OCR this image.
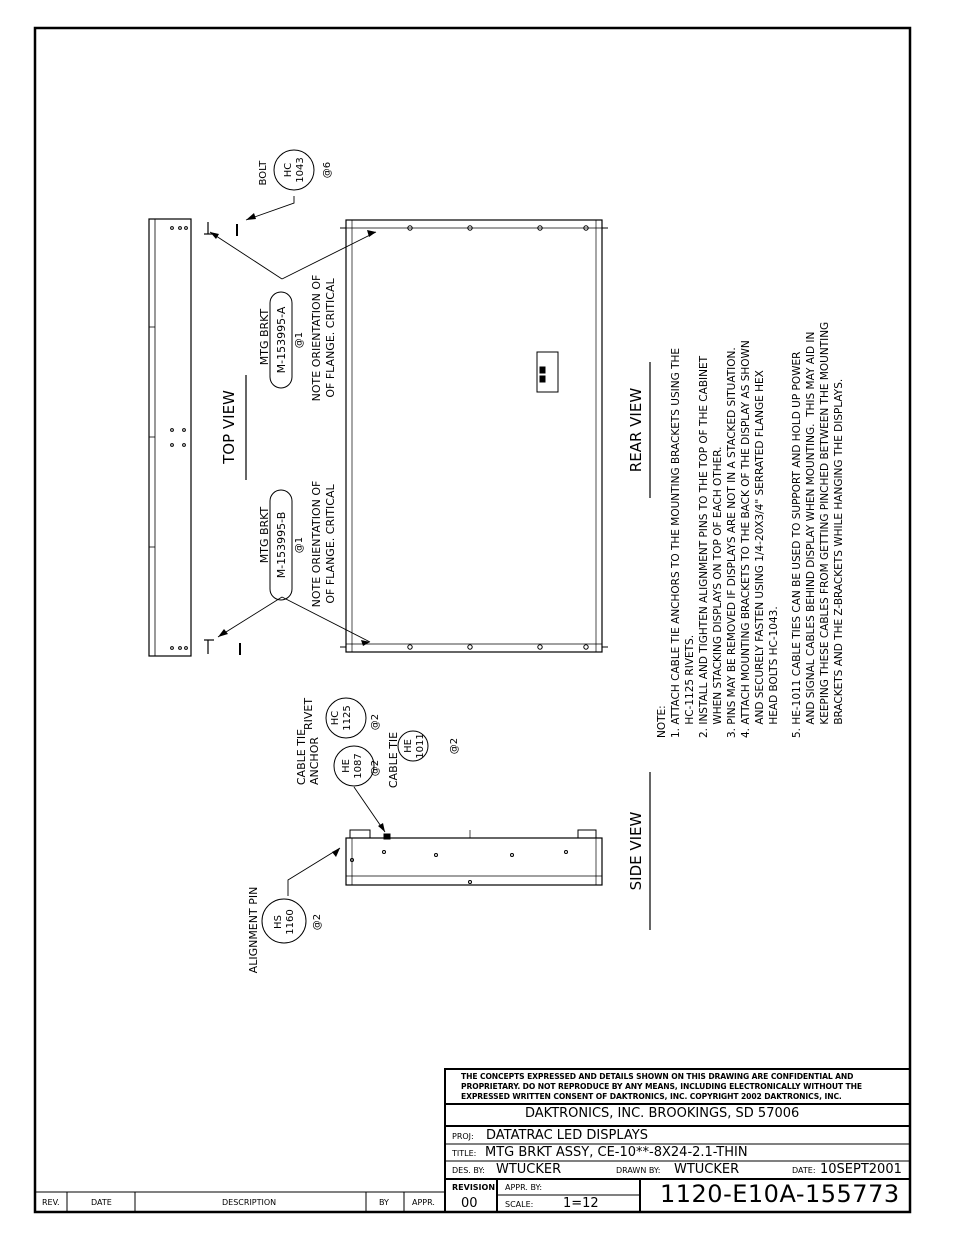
TOP VIEW	REAR VIEW
SIDE VIEW
BOLT HC 1043 @6
MTG BRKT M-153995-A @1 NOTE ORIENTATION OF OF FLANGE. CRITICAL
MTG BRKT M-153995-B @1 NOTE ORIENTATION OF OF FLANGE. CRITICAL
CABLE TIE ANCHOR HE 1087 @2
RIVET HC 1125 @2
CABLE TIE HE 1011 @2
ALIGNMENT PIN HS 1160 @2
NOTE: 1. ATTACH CABLE TIE ANCHORS TO THE MOUNTING BRACKETS USING THE HC-1125 RIVETS. 2. INSTALL AND TIGHTEN ALIGNMENT PINS TO THE TOP OF THE CABINET WHEN STACKING DISPLAYS ON TOP OF EACH OTHER. 3. PINS MAY BE REMOVED IF DISPLAYS ARE NOT IN A STACKED SITUATION. 4. ATTACH MOUNTING BRACKETS TO THE BACK OF THE DISPLAY AS SHOWN AND SECURELY FASTEN USING 1/4-20X3/4" SERRATED FLANGE HEX HEAD BOLTS HC-1043. 5. HE-1011 CABLE TIES CAN BE USED TO SUPPORT AND HOLD UP POWER AND SIGNAL CABLES BEHIND DISPLAY WHEN MOUNTING.  THIS MAY AID IN KEEPING THESE CABLES FROM GETTING PINCHED BETWEEN THE MOUNTING BRACKETS AND THE Z-BRACKETS WHILE HANGING THE DISPLAYS.
THE CONCEPTS EXPRESSED AND DETAILS SHOWN ON THIS DRAWING ARE CONFIDENTIAL AND
PROPRIETARY. DO NOT REPRODUCE BY ANY MEANS, INCLUDING ELECTRONICALLY WITHOUT THE
EXPRESSED WRITTEN CONSENT OF DAKTRONICS, INC. COPYRIGHT 2002 DAKTRONICS, INC.
DAKTRONICS, INC. BROOKINGS, SD 57006
PROJ: DATATRAC LED DISPLAYS
TITLE: MTG BRKT ASSY, CE-10**-8X24-2.1-THIN
DES. BY: WTUCKER	DRAWN BY: WTUCKER	DATE: 10SEPT2001
REVISION
00
APPR. BY:
SCALE: 1=12	1120-E10A-155773
REV.	DATE	DESCRIPTION	BY	APPR.
